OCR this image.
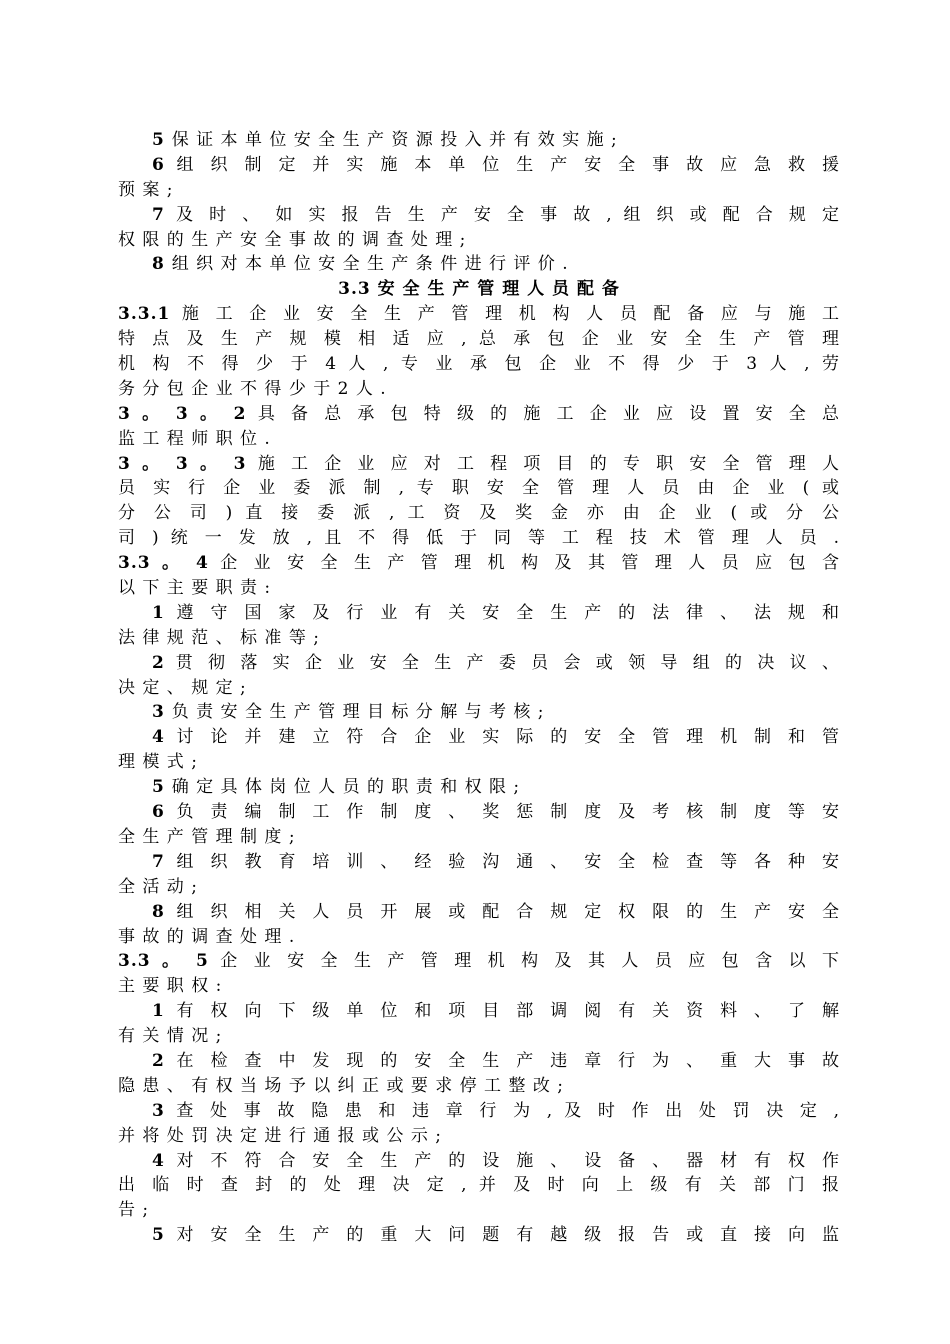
5 保 证 本 单 位 安 全 生 产 资 源 投 入 并 有 效 实 施 ;
6 组 织 制 定 并 实 施 本 单 位 生 产 安 全 事 故 应 急 救 援
预 案 ;
7 及 时 、 如 实 报 告 生 产 安 全 事 故 , 组 织 或 配 合 规 定
权 限 的 生 产 安 全 事 故 的 调 查 处 理 ;
8 组 织 对 本 单 位 安 全 生 产 条 件 进 行 评 价 .
3.3 安 全 生 产 管 理 人 员 配 备
3.3.1 施 工 企 业 安 全 生 产 管 理 机 构 人 员 配 备 应 与 施 工
特 点 及 生 产 规 模 相 适 应 , 总 承 包 企 业 安 全 生 产 管 理
机 构 不 得 少 于 4 人 , 专 业 承 包 企 业 不 得 少 于 3 人 , 劳
务 分 包 企 业 不 得 少 于 2 人 .
3 。 3 。 2 具 备 总 承 包 特 级 的 施 工 企 业 应 设 置 安 全 总
监 工 程 师 职 位 .
3 。 3 。 3 施 工 企 业 应 对 工 程 项 目 的 专 职 安 全 管 理 人
员 实 行 企 业 委 派 制 , 专 职 安 全 管 理 人 员 由 企 业 ( 或
分 公 司 ) 直 接 委 派 , 工 资 及 奖 金 亦 由 企 业 ( 或 分 公
司 ) 统 一 发 放 , 且 不 得 低 于 同 等 工 程 技 术 管 理 人 员 .
3.3 。 4 企 业 安 全 生 产 管 理 机 构 及 其 管 理 人 员 应 包 含
以 下 主 要 职 责 :
1 遵 守 国 家 及 行 业 有 关 安 全 生 产 的 法 律 、 法 规 和
法 律 规 范 、 标 准 等 ;
2 贯 彻 落 实 企 业 安 全 生 产 委 员 会 或 领 导 组 的 决 议 、
决 定 、 规 定 ;
3 负 责 安 全 生 产 管 理 目 标 分 解 与 考 核 ;
4 讨 论 并 建 立 符 合 企 业 实 际 的 安 全 管 理 机 制 和 管
理 模 式 ;
5 确 定 具 体 岗 位 人 员 的 职 责 和 权 限 ;
6 负 责 编 制 工 作 制 度 、 奖 惩 制 度 及 考 核 制 度 等 安
全 生 产 管 理 制 度 ;
7 组 织 教 育 培 训 、 经 验 沟 通 、 安 全 检 查 等 各 种 安
全 活 动 ;
8 组 织 相 关 人 员 开 展 或 配 合 规 定 权 限 的 生 产 安 全
事 故 的 调 查 处 理 .
3.3 。 5 企 业 安 全 生 产 管 理 机 构 及 其 人 员 应 包 含 以 下
主 要 职 权 :
1 有 权 向 下 级 单 位 和 项 目 部 调 阅 有 关 资 料 、 了 解
有 关 情 况 ;
2 在 检 查 中 发 现 的 安 全 生 产 违 章 行 为 、 重 大 事 故
隐 患 、 有 权 当 场 予 以 纠 正 或 要 求 停 工 整 改 ;
3 查 处 事 故 隐 患 和 违 章 行 为 , 及 时 作 出 处 罚 决 定 ,
并 将 处 罚 决 定 进 行 通 报 或 公 示 ;
4 对 不 符 合 安 全 生 产 的 设 施 、 设 备 、 器 材 有 权 作
出 临 时 查 封 的 处 理 决 定 , 并 及 时 向 上 级 有 关 部 门 报
告 ;
5 对 安 全 生 产 的 重 大 问 题 有 越 级 报 告 或 直 接 向 监
